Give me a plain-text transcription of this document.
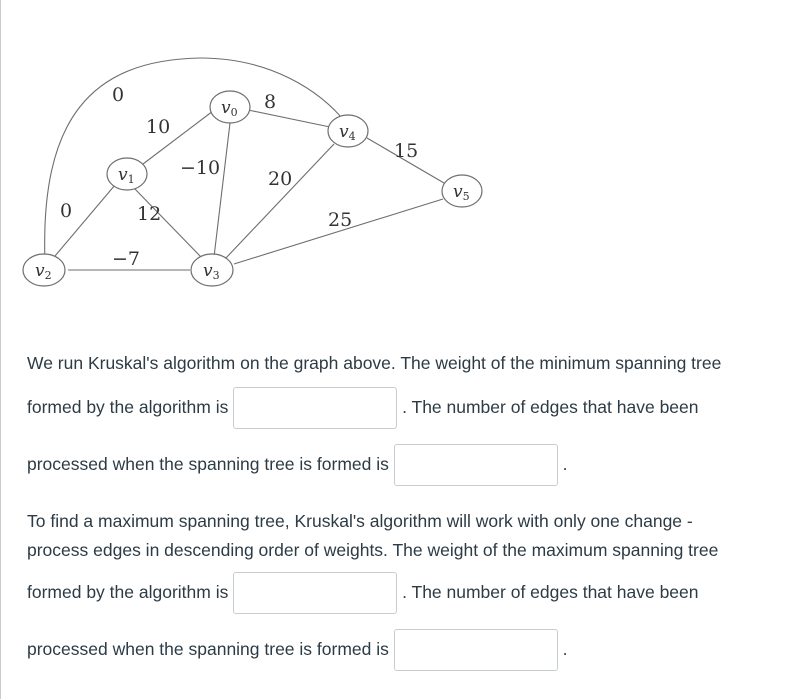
0	8
10
15
−10	20
0	12	25
−7
v0
v1
v2	v3
v4
v5
We run Kruskal's algorithm on the graph above. The weight of the minimum spanning tree
formed by the algorithm is	. The number of edges that have been
processed when the spanning tree is formed is	.
To find a maximum spanning tree, Kruskal's algorithm will work with only one change -
process edges in descending order of weights. The weight of the maximum spanning tree
formed by the algorithm is	. The number of edges that have been
processed when the spanning tree is formed is	.
